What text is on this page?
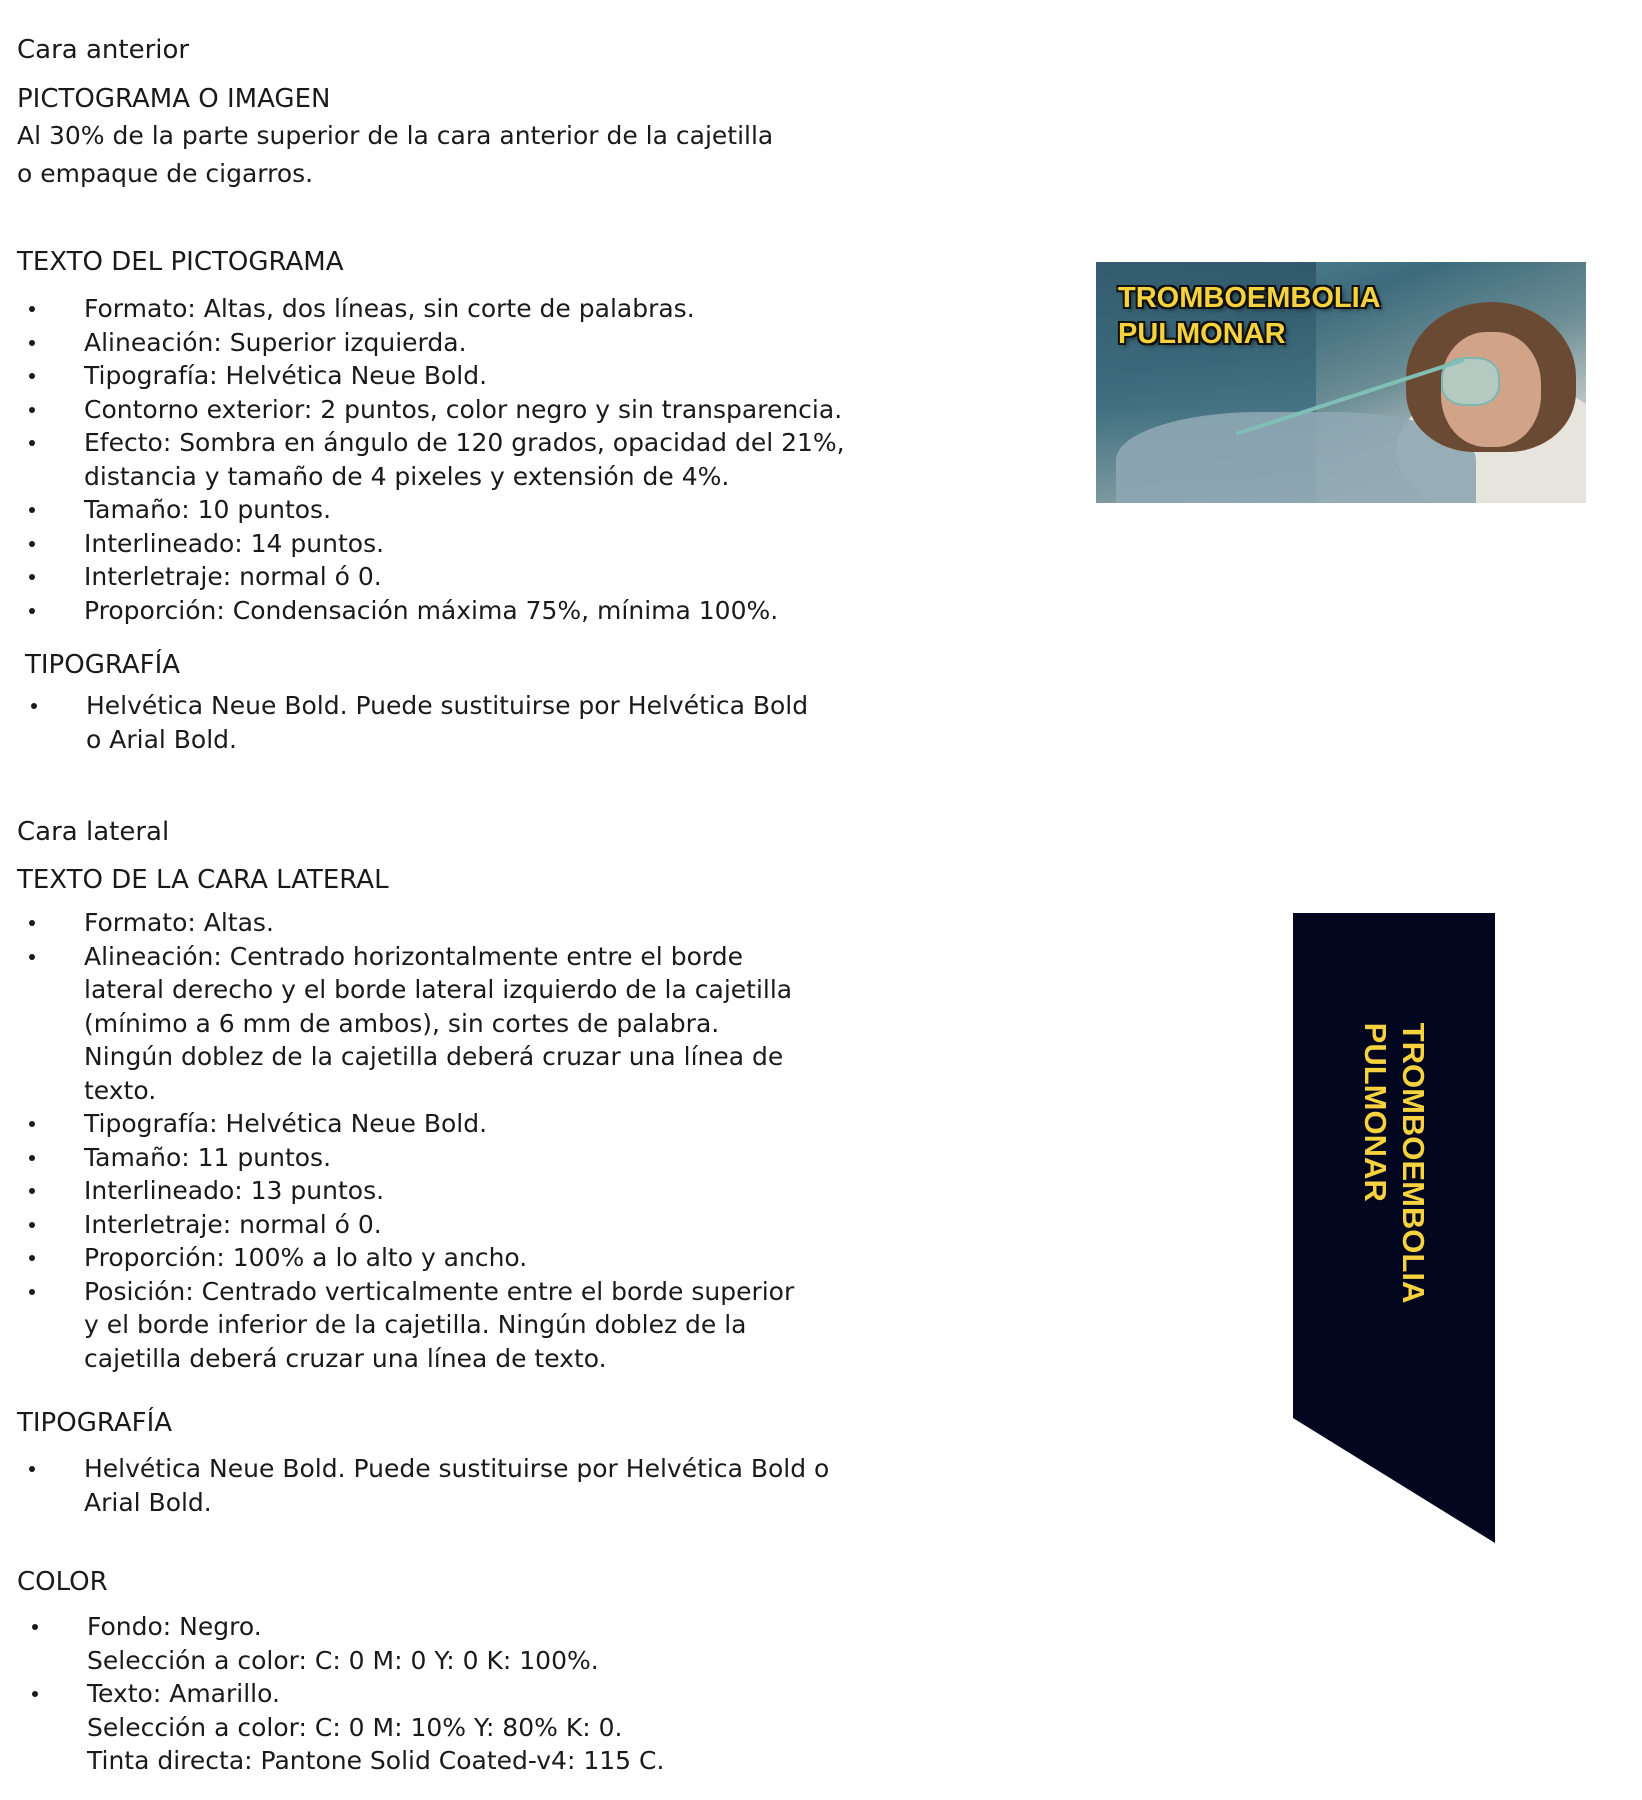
Cara anterior
PICTOGRAMA O IMAGEN
Al 30% de la parte superior de la cara anterior de la cajetilla
o empaque de cigarros.
TEXTO DEL PICTOGRAMA
Formato: Altas, dos líneas, sin corte de palabras.
Alineación: Superior izquierda.
Tipografía: Helvética Neue Bold.
Contorno exterior: 2 puntos, color negro y sin transparencia.
Efecto: Sombra en ángulo de 120 grados, opacidad del 21%,
distancia y tamaño de 4 pixeles y extensión de 4%.
Tamaño: 10 puntos.
Interlineado: 14 puntos.
Interletraje: normal ó 0.
Proporción: Condensación máxima 75%, mínima 100%.
TIPOGRAFÍA
Helvética Neue Bold. Puede sustituirse por Helvética Bold
o Arial Bold.
TROMBOEMBOLIA
PULMONAR
Cara lateral
TEXTO DE LA CARA LATERAL
Formato: Altas.
Alineación: Centrado horizontalmente entre el borde
lateral derecho y el borde lateral izquierdo de la cajetilla
(mínimo a 6 mm de ambos), sin cortes de palabra.
Ningún doblez de la cajetilla deberá cruzar una línea de
texto.
Tipografía: Helvética Neue Bold.
Tamaño: 11 puntos.
Interlineado: 13 puntos.
Interletraje: normal ó 0.
Proporción: 100% a lo alto y ancho.
Posición: Centrado verticalmente entre el borde superior
y el borde inferior de la cajetilla. Ningún doblez de la
cajetilla deberá cruzar una línea de texto.
TIPOGRAFÍA
Helvética Neue Bold. Puede sustituirse por Helvética Bold o
Arial Bold.
COLOR
Fondo: Negro.
Selección a color: C: 0 M: 0 Y: 0 K: 100%.
Texto: Amarillo.
Selección a color: C: 0 M: 10% Y: 80% K: 0.
Tinta directa: Pantone Solid Coated-v4: 115 C.
TROMBOEMBOLIA
PULMONAR
